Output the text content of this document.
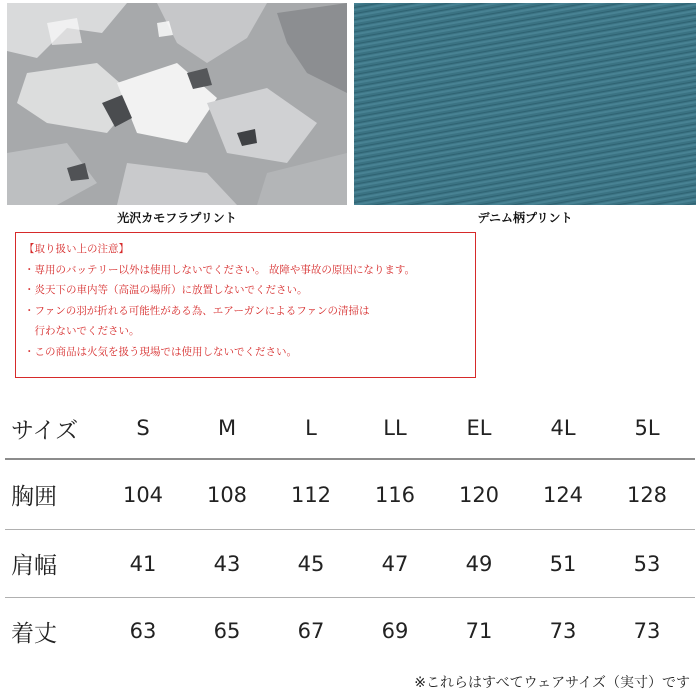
光沢カモフラプリント	デニム柄プリント
【取り扱い上の注意】
・専用のバッテリー以外は使用しないでください。 故障や事故の原因になります。
・炎天下の車内等（高温の場所）に放置しないでください。
・ファンの羽が折れる可能性がある為、エアーガンによるファンの清掃は
　行わないでください。
・この商品は火気を扱う現場では使用しないでください。
サイズ	S	M	L	LL	EL	4L	5L
胸囲	104	108	112	116	120	124	128
肩幅	41	43	45	47	49	51	53
着丈	63	65	67	69	71	73	73
※これらはすべてウェアサイズ（実寸）です
